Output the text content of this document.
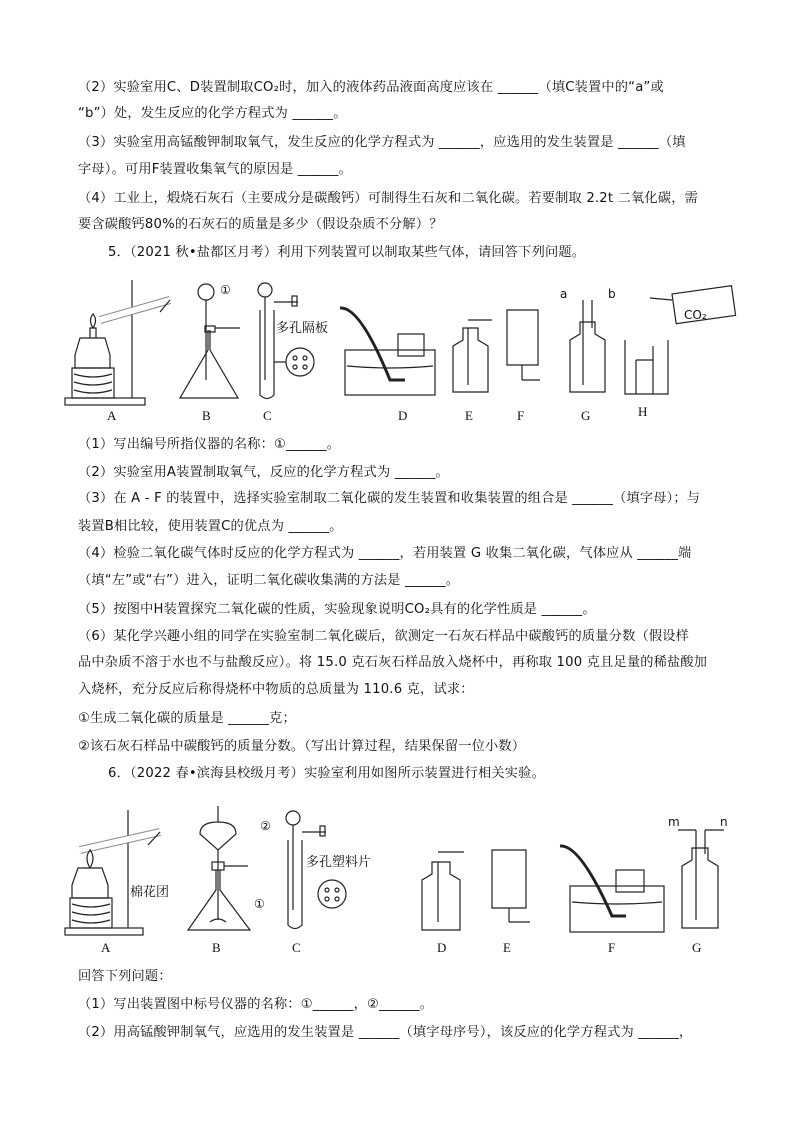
（2）实验室用C、D装置制取CO₂时，加入的液体药品液面高度应该在 ______（填C装置中的“a”或
“b”）处，发生反应的化学方程式为 ______。
（3）实验室用高锰酸钾制取氧气，发生反应的化学方程式为 ______，应选用的发生装置是 ______（填
字母）。可用F装置收集氧气的原因是 ______。
（4）工业上，煅烧石灰石（主要成分是碳酸钙）可制得生石灰和二氧化碳。若要制取 2.2t 二氧化碳，需
要含碳酸钙80%的石灰石的质量是多少（假设杂质不分解）？
5．（2021 秋•盐都区月考）利用下列装置可以制取某些气体，请回答下列问题。
A
①
B
多孔隔板
C	D	E	F
a	b
G
CO₂
H
（1）写出编号所指仪器的名称：①______。
（2）实验室用A装置制取氧气，反应的化学方程式为 ______。
（3）在 A - F 的装置中，选择实验室制取二氧化碳的发生装置和收集装置的组合是 ______（填字母）；与
装置B相比较，使用装置C的优点为 ______。
（4）检验二氧化碳气体时反应的化学方程式为 ______，若用装置 G 收集二氧化碳，气体应从 ______端
（填“左”或“右”）进入，证明二氧化碳收集满的方法是 ______。
（5）按图中H装置探究二氧化碳的性质，实验现象说明CO₂具有的化学性质是 ______。
（6）某化学兴趣小组的同学在实验室制二氧化碳后，欲测定一石灰石样品中碳酸钙的质量分数（假设样
品中杂质不溶于水也不与盐酸反应）。将 15.0 克石灰石样品放入烧杯中，再称取 100 克且足量的稀盐酸加
入烧杯，充分反应后称得烧杯中物质的总质量为 110.6 克，试求：
①生成二氧化碳的质量是 ______克；
②该石灰石样品中碳酸钙的质量分数。（写出计算过程，结果保留一位小数）
6．（2022 春•滨海县校级月考）实验室利用如图所示装置进行相关实验。
棉花团
A
①
B
②
多孔塑料片
C	D	E	F
m	n
G
回答下列问题：
（1）写出装置图中标号仪器的名称：①______，②______。
（2）用高锰酸钾制氧气，应选用的发生装置是 ______（填字母序号），该反应的化学方程式为 ______，
